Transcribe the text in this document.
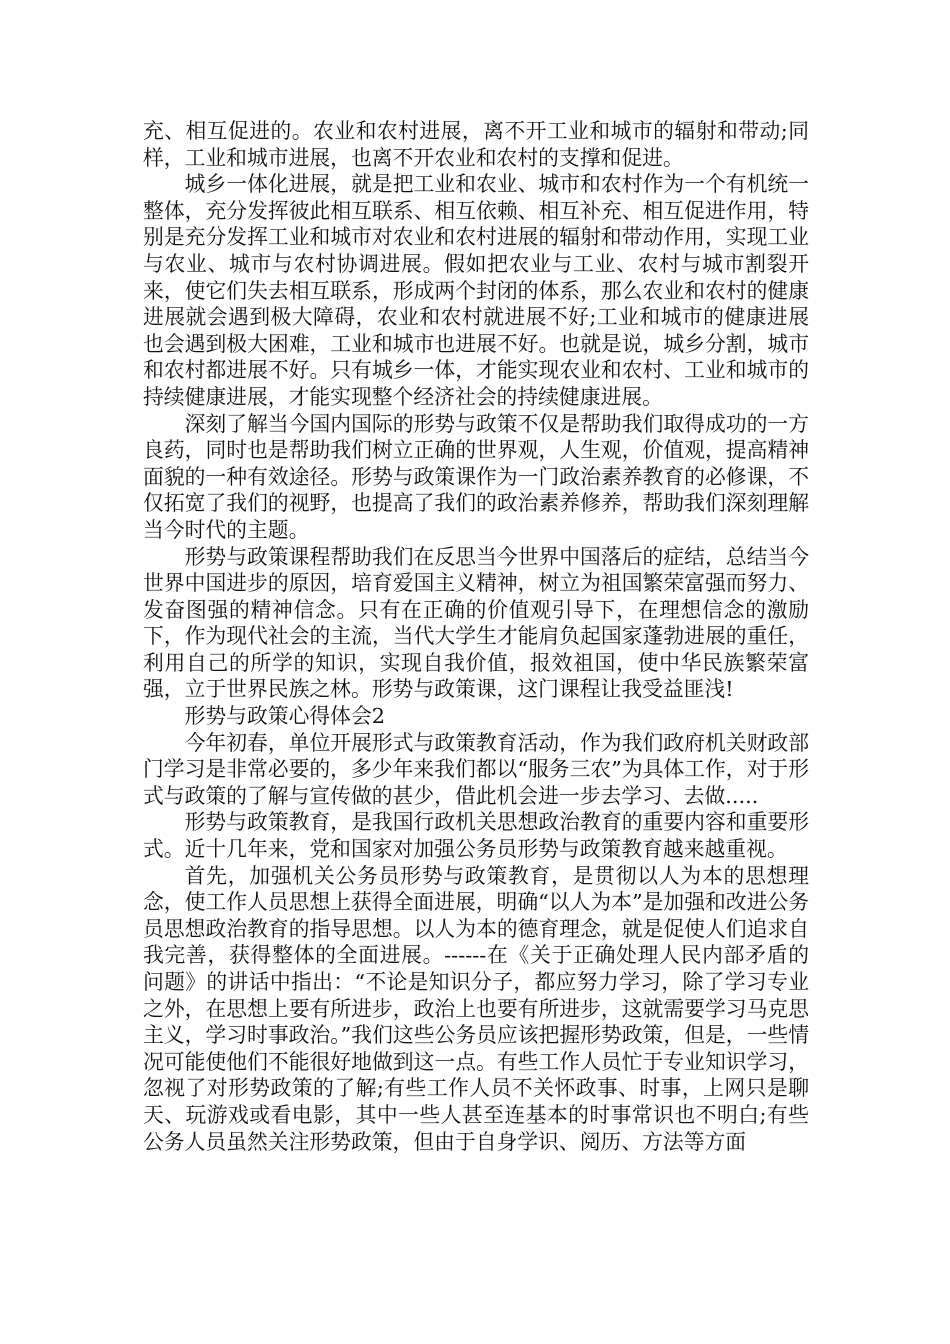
充、相互促进的。农业和农村进展，离不开工业和城市的辐射和带动;同样，工业和城市进展，也离不开农业和农村的支撑和促进。

城乡一体化进展，就是把工业和农业、城市和农村作为一个有机统一整体，充分发挥彼此相互联系、相互依赖、相互补充、相互促进作用，特别是充分发挥工业和城市对农业和农村进展的辐射和带动作用，实现工业与农业、城市与农村协调进展。假如把农业与工业、农村与城市割裂开来，使它们失去相互联系，形成两个封闭的体系，那么农业和农村的健康进展就会遇到极大障碍，农业和农村就进展不好;工业和城市的健康进展也会遇到极大困难，工业和城市也进展不好。也就是说，城乡分割，城市和农村都进展不好。只有城乡一体，才能实现农业和农村、工业和城市的持续健康进展，才能实现整个经济社会的持续健康进展。

深刻了解当今国内国际的形势与政策不仅是帮助我们取得成功的一方良药，同时也是帮助我们树立正确的世界观，人生观，价值观，提高精神面貌的一种有效途径。形势与政策课作为一门政治素养教育的必修课，不仅拓宽了我们的视野，也提高了我们的政治素养修养，帮助我们深刻理解当今时代的主题。

形势与政策课程帮助我们在反思当今世界中国落后的症结，总结当今世界中国进步的原因，培育爱国主义精神，树立为祖国繁荣富强而努力、发奋图强的精神信念。只有在正确的价值观引导下，在理想信念的激励下，作为现代社会的主流，当代大学生才能肩负起国家蓬勃进展的重任，利用自己的所学的知识，实现自我价值，报效祖国，使中华民族繁荣富强，立于世界民族之林。形势与政策课，这门课程让我受益匪浅!

形势与政策心得体会2

今年初春，单位开展形式与政策教育活动，作为我们政府机关财政部门学习是非常必要的，多少年来我们都以“服务三农”为具体工作，对于形式与政策的了解与宣传做的甚少，借此机会进一步去学习、去做.....

形势与政策教育，是我国行政机关思想政治教育的重要内容和重要形式。近十几年来，党和国家对加强公务员形势与政策教育越来越重视。

首先，加强机关公务员形势与政策教育，是贯彻以人为本的思想理念，使工作人员思想上获得全面进展，明确“以人为本”是加强和改进公务员思想政治教育的指导思想。以人为本的德育理念，就是促使人们追求自我完善，获得整体的全面进展。------在《关于正确处理人民内部矛盾的问题》的讲话中指出：“不论是知识分子，都应努力学习，除了学习专业之外，在思想上要有所进步，政治上也要有所进步，这就需要学习马克思主义，学习时事政治。”我们这些公务员应该把握形势政策，但是，一些情况可能使他们不能很好地做到这一点。有些工作人员忙于专业知识学习，忽视了对形势政策的了解;有些工作人员不关怀政事、时事，上网只是聊天、玩游戏或看电影，其中一些人甚至连基本的时事常识也不明白;有些公务人员虽然关注形势政策，但由于自身学识、阅历、方法等方面
